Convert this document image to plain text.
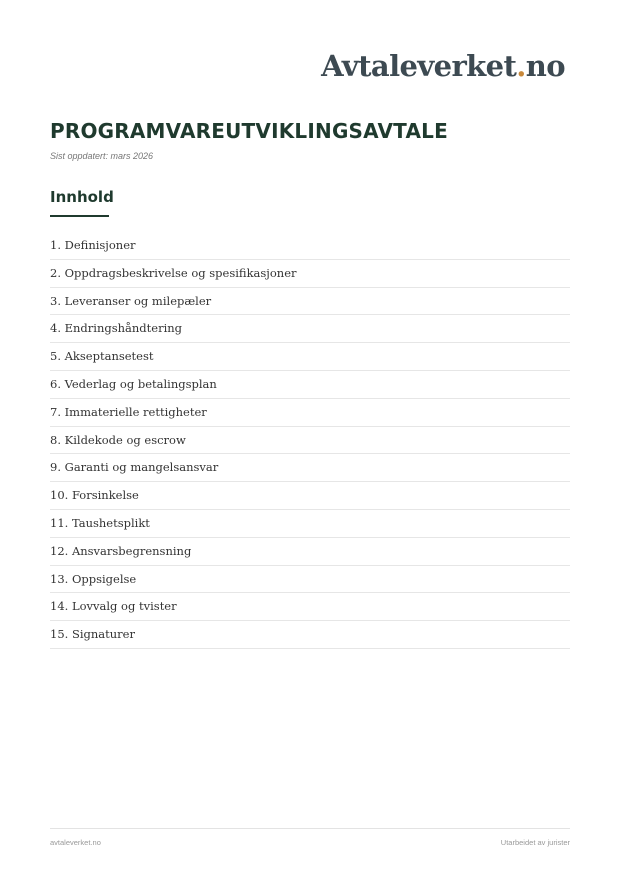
Avtaleverket.no
PROGRAMVAREUTVIKLINGSAVTALE
Sist oppdatert: mars 2026
Innhold
1. Definisjoner
2. Oppdragsbeskrivelse og spesifikasjoner
3. Leveranser og milepæler
4. Endringshåndtering
5. Akseptansetest
6. Vederlag og betalingsplan
7. Immaterielle rettigheter
8. Kildekode og escrow
9. Garanti og mangelsansvar
10. Forsinkelse
11. Taushetsplikt
12. Ansvarsbegrensning
13. Oppsigelse
14. Lovvalg og tvister
15. Signaturer
avtaleverket.no	Utarbeidet av jurister
